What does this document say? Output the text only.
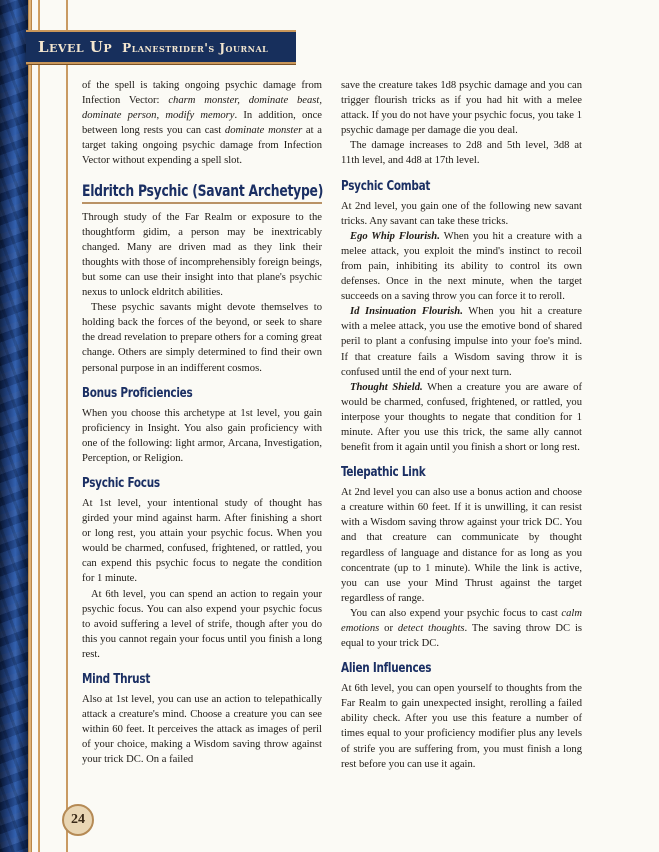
Level Up Planestrider's Journal

of the spell is taking ongoing psychic damage from Infection Vector: charm monster, dominate beast, dominate person, modify memory. In addition, once between long rests you can cast dominate monster at a target taking ongoing psychic damage from Infection Vector without expending a spell slot.

Eldritch Psychic (Savant Archetype)

Through study of the Far Realm or exposure to the thoughtform gidim, a person may be inextricably changed. Many are driven mad as they link their thoughts with those of incomprehensibly foreign beings, but some can use their insight into that plane's psychic nexus to unlock eldritch abilities.

These psychic savants might devote themselves to holding back the forces of the beyond, or seek to share the dread revelation to prepare others for a coming great change. Others are simply determined to find their own personal purpose in an indifferent cosmos.

Bonus Proficiencies

When you choose this archetype at 1st level, you gain proficiency in Insight. You also gain proficiency with one of the following: light armor, Arcana, Investigation, Perception, or Religion.

Psychic Focus

At 1st level, your intentional study of thought has girded your mind against harm. After finishing a short or long rest, you attain your psychic focus. When you would be charmed, confused, frightened, or rattled, you can expend this psychic focus to negate the condition for 1 minute.

At 6th level, you can spend an action to regain your psychic focus. You can also expend your psychic focus to avoid suffering a level of strife, though after you do this you cannot regain your focus until you finish a long rest.

Mind Thrust

Also at 1st level, you can use an action to telepathically attack a creature's mind. Choose a creature you can see within 60 feet. It perceives the attack as images of peril of your choice, making a Wisdom saving throw against your trick DC. On a failed

save the creature takes 1d8 psychic damage and you can trigger flourish tricks as if you had hit with a melee attack. If you do not have your psychic focus, you take 1 psychic damage per damage die you deal.

The damage increases to 2d8 and 5th level, 3d8 at 11th level, and 4d8 at 17th level.

Psychic Combat

At 2nd level, you gain one of the following new savant tricks. Any savant can take these tricks.

Ego Whip Flourish. When you hit a creature with a melee attack, you exploit the mind's instinct to recoil from pain, inhibiting its ability to control its own defenses. Once in the next minute, when the target succeeds on a saving throw you can force it to reroll.

Id Insinuation Flourish. When you hit a creature with a melee attack, you use the emotive bond of shared peril to plant a confusing impulse into your foe's mind. If that creature fails a Wisdom saving throw it is confused until the end of your next turn.

Thought Shield. When a creature you are aware of would be charmed, confused, frightened, or rattled, you interpose your thoughts to negate that condition for 1 minute. After you use this trick, the same ally cannot benefit from it again until you finish a short or long rest.

Telepathic Link

At 2nd level you can also use a bonus action and choose a creature within 60 feet. If it is unwilling, it can resist with a Wisdom saving throw against your trick DC. You and that creature can communicate by thought regardless of language and distance for as long as you concentrate (up to 1 minute). While the link is active, you can use your Mind Thrust against the target regardless of range.

You can also expend your psychic focus to cast calm emotions or detect thoughts. The saving throw DC is equal to your trick DC.

Alien Influences

At 6th level, you can open yourself to thoughts from the Far Realm to gain unexpected insight, rerolling a failed ability check. After you use this feature a number of times equal to your proficiency modifier plus any levels of strife you are suffering from, you must finish a long rest before you can use it again.

24
